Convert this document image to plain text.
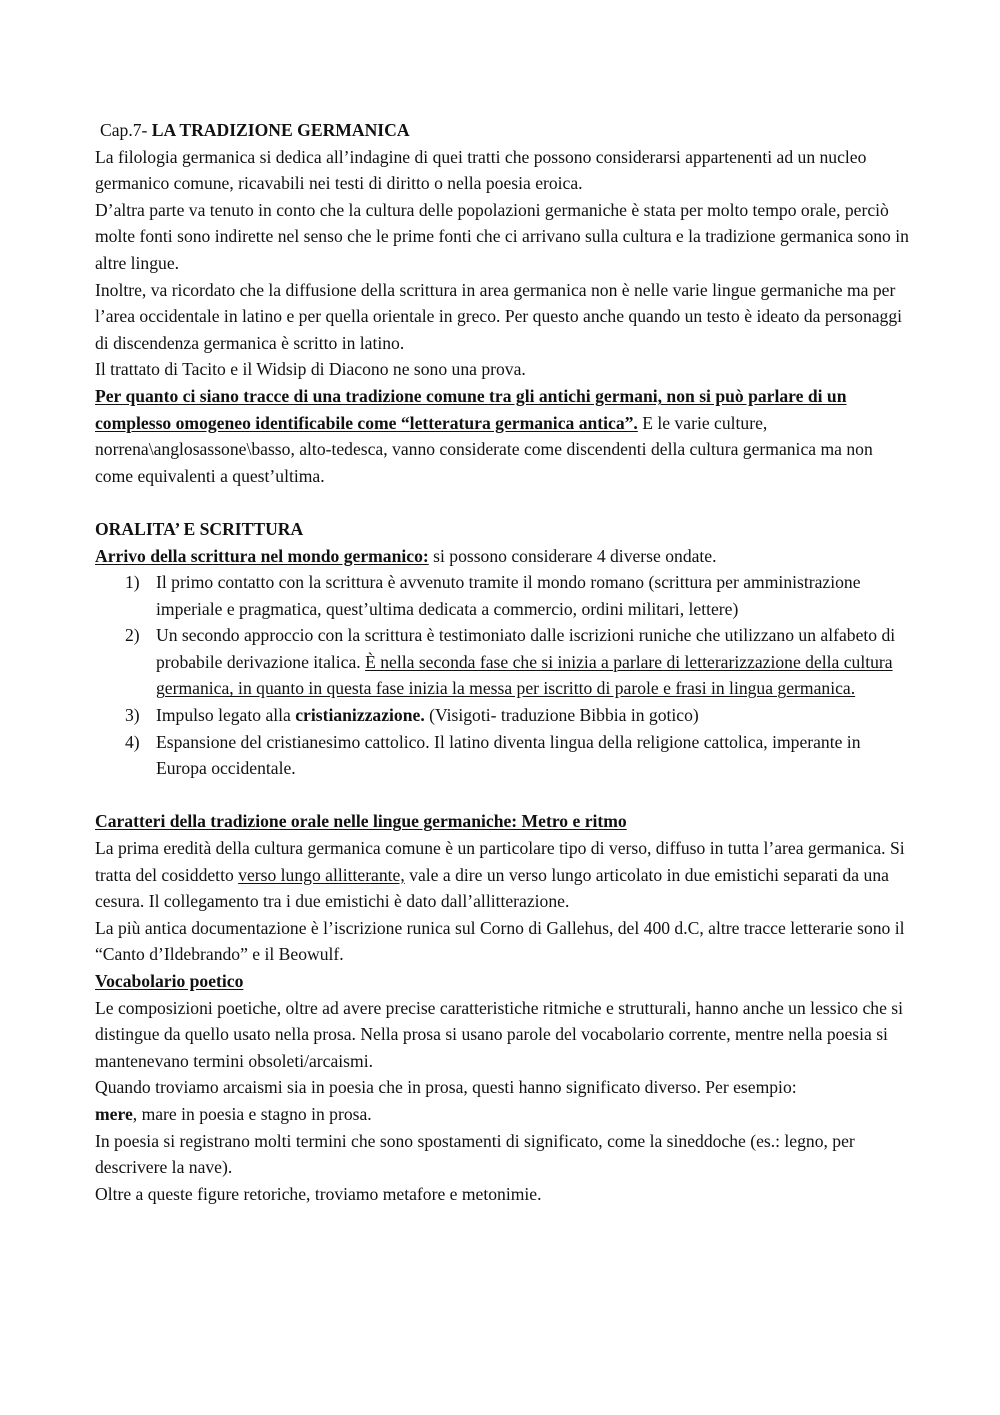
Cap.7- LA TRADIZIONE GERMANICA

La filologia germanica si dedica all’indagine di quei tratti che possono considerarsi appartenenti ad un nucleo germanico comune, ricavabili nei testi di diritto o nella poesia eroica.

D’altra parte va tenuto in conto che la cultura delle popolazioni germaniche è stata per molto tempo orale, perciò molte fonti sono indirette nel senso che le prime fonti che ci arrivano sulla cultura e la tradizione germanica sono in altre lingue.

Inoltre, va ricordato che la diffusione della scrittura in area germanica non è nelle varie lingue germaniche ma per l’area occidentale in latino e per quella orientale in greco. Per questo anche quando un testo è ideato da personaggi di discendenza germanica è scritto in latino.

Il trattato di Tacito e il Widsip di Diacono ne sono una prova.

Per quanto ci siano tracce di una tradizione comune tra gli antichi germani, non si può parlare di un complesso omogeneo identificabile come “letteratura germanica antica”. E le varie culture, norrena\anglosassone\basso, alto-tedesca, vanno considerate come discendenti della cultura germanica ma non come equivalenti a quest’ultima.

ORALITA’ E SCRITTURA

Arrivo della scrittura nel mondo germanico: si possono considerare 4 diverse ondate.

1) Il primo contatto con la scrittura è avvenuto tramite il mondo romano (scrittura per amministrazione imperiale e pragmatica, quest’ultima dedicata a commercio, ordini militari, lettere)
2) Un secondo approccio con la scrittura è testimoniato dalle iscrizioni runiche che utilizzano un alfabeto di probabile derivazione italica. È nella seconda fase che si inizia a parlare di letterarizzazione della cultura germanica, in quanto in questa fase inizia la messa per iscritto di parole e frasi in lingua germanica.
3) Impulso legato alla cristianizzazione. (Visigoti- traduzione Bibbia in gotico)
4) Espansione del cristianesimo cattolico. Il latino diventa lingua della religione cattolica, imperante in Europa occidentale.

Caratteri della tradizione orale nelle lingue germaniche: Metro e ritmo

La prima eredità della cultura germanica comune è un particolare tipo di verso, diffuso in tutta l’area germanica. Si tratta del cosiddetto verso lungo allitterante, vale a dire un verso lungo articolato in due emistichi separati da una cesura. Il collegamento tra i due emistichi è dato dall’allitterazione.

La più antica documentazione è l’iscrizione runica sul Corno di Gallehus, del 400 d.C, altre tracce letterarie sono il “Canto d’Ildebrando” e il Beowulf.

Vocabolario poetico

Le composizioni poetiche, oltre ad avere precise caratteristiche ritmiche e strutturali, hanno anche un lessico che si distingue da quello usato nella prosa. Nella prosa si usano parole del vocabolario corrente, mentre nella poesia si mantenevano termini obsoleti/arcaismi.

Quando troviamo arcaismi sia in poesia che in prosa, questi hanno significato diverso. Per esempio:

mere, mare in poesia e stagno in prosa.

In poesia si registrano molti termini che sono spostamenti di significato, come la sineddoche (es.: legno, per descrivere la nave).

Oltre a queste figure retoriche, troviamo metafore e metonimie.
